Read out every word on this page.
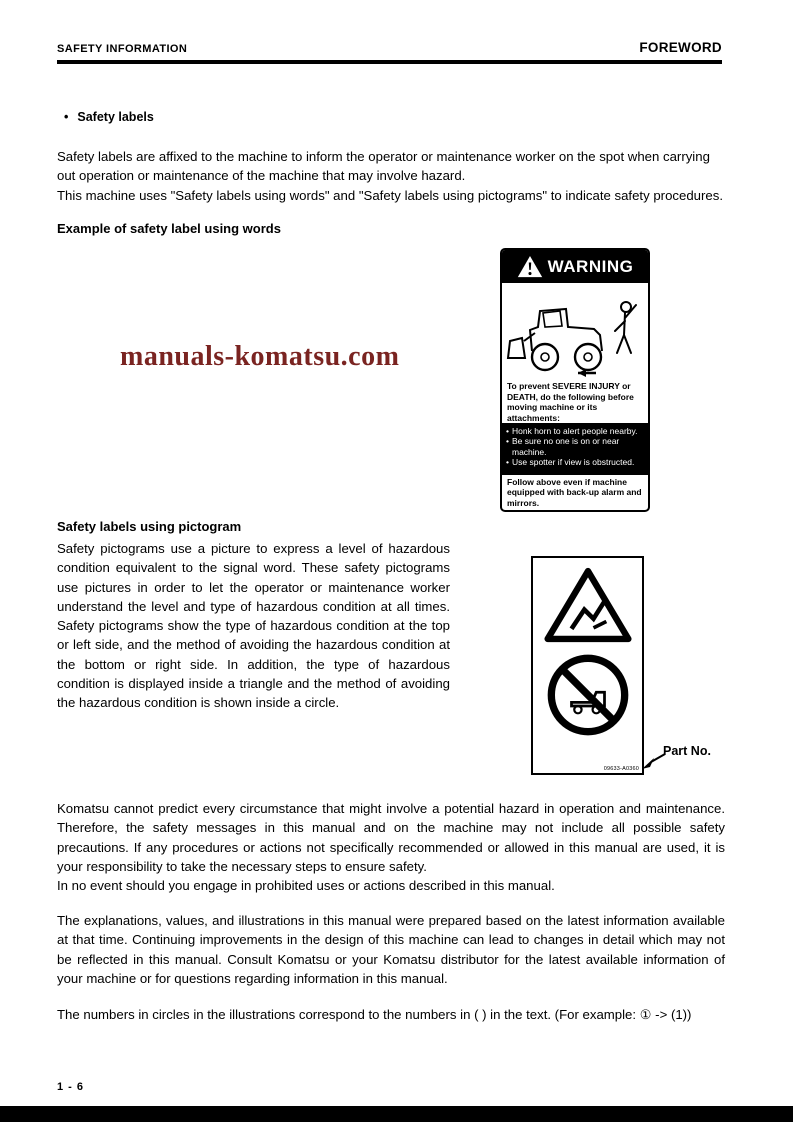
SAFETY INFORMATION	FOREWORD
• Safety labels
Safety labels are affixed to the machine to inform the operator or maintenance worker on the spot when carrying out operation or maintenance of the machine that may involve hazard.
This machine uses "Safety labels using words" and "Safety labels using pictograms" to indicate safety procedures.
Example of safety label using words
WARNING
To prevent SEVERE INJURY or DEATH, do the following before moving machine or its attachments:
• Honk horn to alert people nearby.
• Be sure no one is on or near machine.
• Use spotter if view is obstructed.
Follow above even if machine equipped with back-up alarm and mirrors.
manuals-komatsu.com
Safety labels using pictogram
Safety pictograms use a picture to express a level of hazardous condition equivalent to the signal word. These safety pictograms use pictures in order to let the operator or maintenance worker understand the level and type of hazardous condition at all times. Safety pictograms show the type of hazardous condition at the top or left side, and the method of avoiding the hazardous condition at the bottom or right side. In addition, the type of hazardous condition is displayed inside a triangle and the method of avoiding the hazardous condition is shown inside a circle.
09633-A0360
Part No.
Komatsu cannot predict every circumstance that might involve a potential hazard in operation and maintenance. Therefore, the safety messages in this manual and on the machine may not include all possible safety precautions. If any procedures or actions not specifically recommended or allowed in this manual are used, it is your responsibility to take the necessary steps to ensure safety.
In no event should you engage in prohibited uses or actions described in this manual.
The explanations, values, and illustrations in this manual were prepared based on the latest information available at that time. Continuing improvements in the design of this machine can lead to changes in detail which may not be reflected in this manual. Consult Komatsu or your Komatsu distributor for the latest available information of your machine or for questions regarding information in this manual.
The numbers in circles in the illustrations correspond to the numbers in ( ) in the text. (For example: ① -> (1))
1 - 6
